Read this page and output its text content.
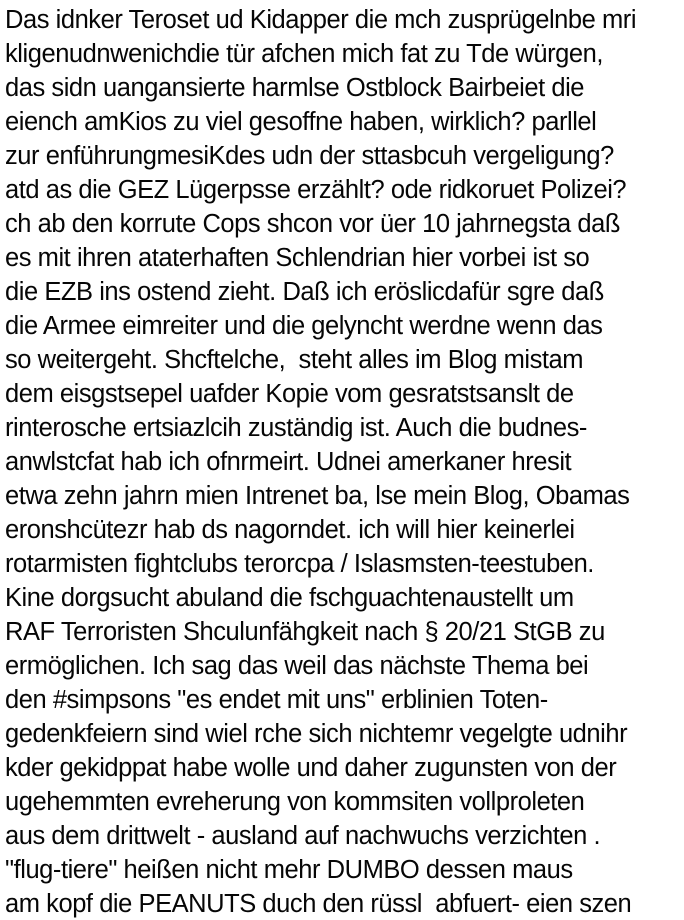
Das idnker Teroset ud Kidapper die mch zusprügelnbe mri
kligenudnwenichdie tür afchen mich fat zu Tde würgen,
das sidn uangansierte harmlse Ostblock Bairbeiet die
eiench amKios zu viel gesoffne haben, wirklich? parllel
zur enführungmesiKdes udn der sttasbcuh vergeligung?
atd as die GEZ Lügerpsse erzählt? ode ridkoruet Polizei?
ch ab den korrute Cops shcon vor üer 10 jahrnegsta daß
es mit ihren ataterhaften Schlendrian hier vorbei ist so
die EZB ins ostend zieht. Daß ich eröslicdafür sgre daß
die Armee eimreiter und die gelyncht werdne wenn das
so weitergeht. Shcftelche,  steht alles im Blog mistam
dem eisgstsepel uafder Kopie vom gesratstsanslt de
rinterosche ertsiazlcih zuständig ist. Auch die budnes-
anwlstcfat hab ich ofnrmeirt. Udnei amerkaner hresit
etwa zehn jahrn mien Intrenet ba, lse mein Blog, Obamas
eronshcütezr hab ds nagorndet. ich will hier keinerlei
rotarmisten fightclubs terorcpa / Islasmsten-teestuben.
Kine dorgsucht abuland die fschguachtenaustellt um
RAF Terroristen Shculunfähgkeit nach § 20/21 StGB zu
ermöglichen. Ich sag das weil das nächste Thema bei
den #simpsons "es endet mit uns" erblinien Toten-
gedenkfeiern sind wiel rche sich nichtemr vegelgte udnihr
kder gekidppat habe wolle und daher zugunsten von der
ugehemmten evreherung von kommsiten vollproleten
aus dem drittwelt - ausland auf nachwuchs verzichten .
"flug-tiere" heißen nicht mehr DUMBO dessen maus
am kopf die PEANUTS duch den rüssl  abfuert- eien szen
